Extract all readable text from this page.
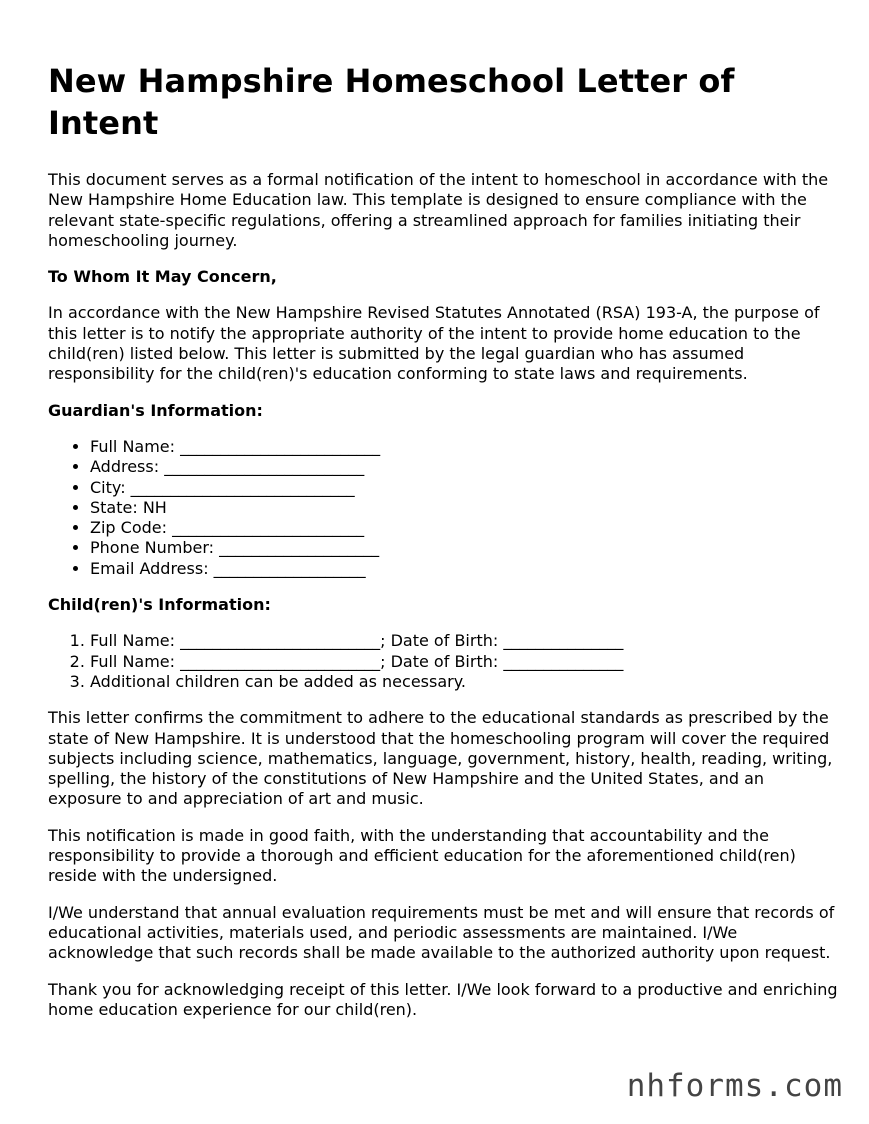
New Hampshire Homeschool Letter of Intent

This document serves as a formal notification of the intent to homeschool in accordance with the New Hampshire Home Education law. This template is designed to ensure compliance with the relevant state-specific regulations, offering a streamlined approach for families initiating their homeschooling journey.

To Whom It May Concern,

In accordance with the New Hampshire Revised Statutes Annotated (RSA) 193-A, the purpose of this letter is to notify the appropriate authority of the intent to provide home education to the child(ren) listed below. This letter is submitted by the legal guardian who has assumed responsibility for the child(ren)'s education conforming to state laws and requirements.

Guardian's Information:

• Full Name: _________________________
• Address: _________________________
• City: ____________________________
• State: NH
• Zip Code: ________________________
• Phone Number: ____________________
• Email Address: ___________________

Child(ren)'s Information:

1. Full Name: _________________________; Date of Birth: _______________
2. Full Name: _________________________; Date of Birth: _______________
3. Additional children can be added as necessary.

This letter confirms the commitment to adhere to the educational standards as prescribed by the state of New Hampshire. It is understood that the homeschooling program will cover the required subjects including science, mathematics, language, government, history, health, reading, writing, spelling, the history of the constitutions of New Hampshire and the United States, and an exposure to and appreciation of art and music.

This notification is made in good faith, with the understanding that accountability and the responsibility to provide a thorough and efficient education for the aforementioned child(ren) reside with the undersigned.

I/We understand that annual evaluation requirements must be met and will ensure that records of educational activities, materials used, and periodic assessments are maintained. I/We acknowledge that such records shall be made available to the authorized authority upon request.

Thank you for acknowledging receipt of this letter. I/We look forward to a productive and enriching home education experience for our child(ren).

nhforms.com
